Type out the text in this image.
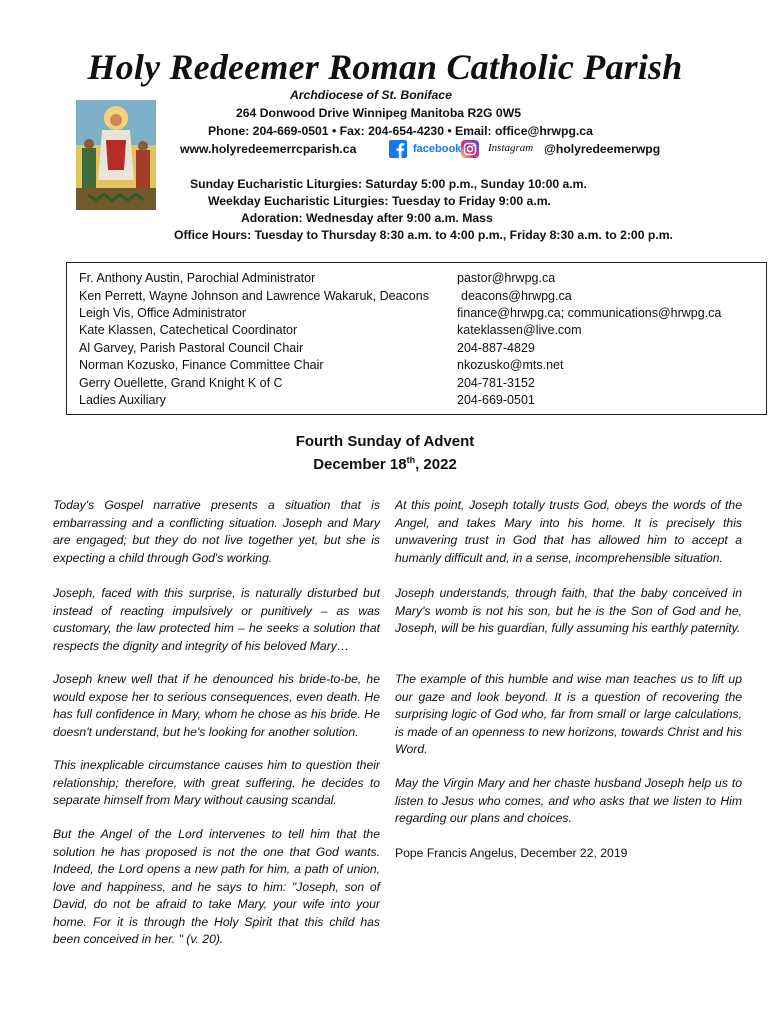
Holy Redeemer Roman Catholic Parish
Archdiocese of St. Boniface
264 Donwood Drive Winnipeg Manitoba R2G 0W5
Phone: 204-669-0501 • Fax: 204-654-4230 • Email: office@hrwpg.ca
www.holyredeemerrcparish.ca	facebook Instagram @holyredeemerwpg
Sunday Eucharistic Liturgies: Saturday 5:00 p.m., Sunday 10:00 a.m.
Weekday Eucharistic Liturgies: Tuesday to Friday 9:00 a.m.
Adoration: Wednesday after 9:00 a.m. Mass
Office Hours: Tuesday to Thursday 8:30 a.m. to 4:00 p.m., Friday 8:30 a.m. to 2:00 p.m.
Fr. Anthony Austin, Parochial Administrator	pastor@hrwpg.ca
Ken Perrett, Wayne Johnson and Lawrence Wakaruk, Deacons	deacons@hrwpg.ca
Leigh Vis, Office Administrator	finance@hrwpg.ca; communications@hrwpg.ca
Kate Klassen, Catechetical Coordinator	kateklassen@live.com
Al Garvey, Parish Pastoral Council Chair	204-887-4829
Norman Kozusko, Finance Committee Chair	nkozusko@mts.net
Gerry Ouellette, Grand Knight K of C	204-781-3152
Ladies Auxiliary	204-669-0501
Fourth Sunday of Advent
December 18th, 2022
Today's Gospel narrative presents a situation that is embarrassing and a conflicting situation. Joseph and Mary are engaged; but they do not live together yet, but she is expecting a child through God's working.
Joseph, faced with this surprise, is naturally disturbed but instead of reacting impulsively or punitively – as was customary, the law protected him – he seeks a solution that respects the dignity and integrity of his beloved Mary…
Joseph knew well that if he denounced his bride-to-be, he would expose her to serious consequences, even death. He has full confidence in Mary, whom he chose as his bride. He doesn't understand, but he's looking for another solution.
This inexplicable circumstance causes him to question their relationship; therefore, with great suffering, he decides to separate himself from Mary without causing scandal.
But the Angel of the Lord intervenes to tell him that the solution he has proposed is not the one that God wants. Indeed, the Lord opens a new path for him, a path of union, love and happiness, and he says to him: "Joseph, son of David, do not be afraid to take Mary, your wife into your home. For it is through the Holy Spirit that this child has been conceived in her. " (v. 20).
At this point, Joseph totally trusts God, obeys the words of the Angel, and takes Mary into his home. It is precisely this unwavering trust in God that has allowed him to accept a humanly difficult and, in a sense, incomprehensible situation.
Joseph understands, through faith, that the baby conceived in Mary's womb is not his son, but he is the Son of God and he, Joseph, will be his guardian, fully assuming his earthly paternity.
The example of this humble and wise man teaches us to lift up our gaze and look beyond. It is a question of recovering the surprising logic of God who, far from small or large calculations, is made of an openness to new horizons, towards Christ and his Word.
May the Virgin Mary and her chaste husband Joseph help us to listen to Jesus who comes, and who asks that we listen to Him regarding our plans and choices.
Pope Francis Angelus, December 22, 2019
